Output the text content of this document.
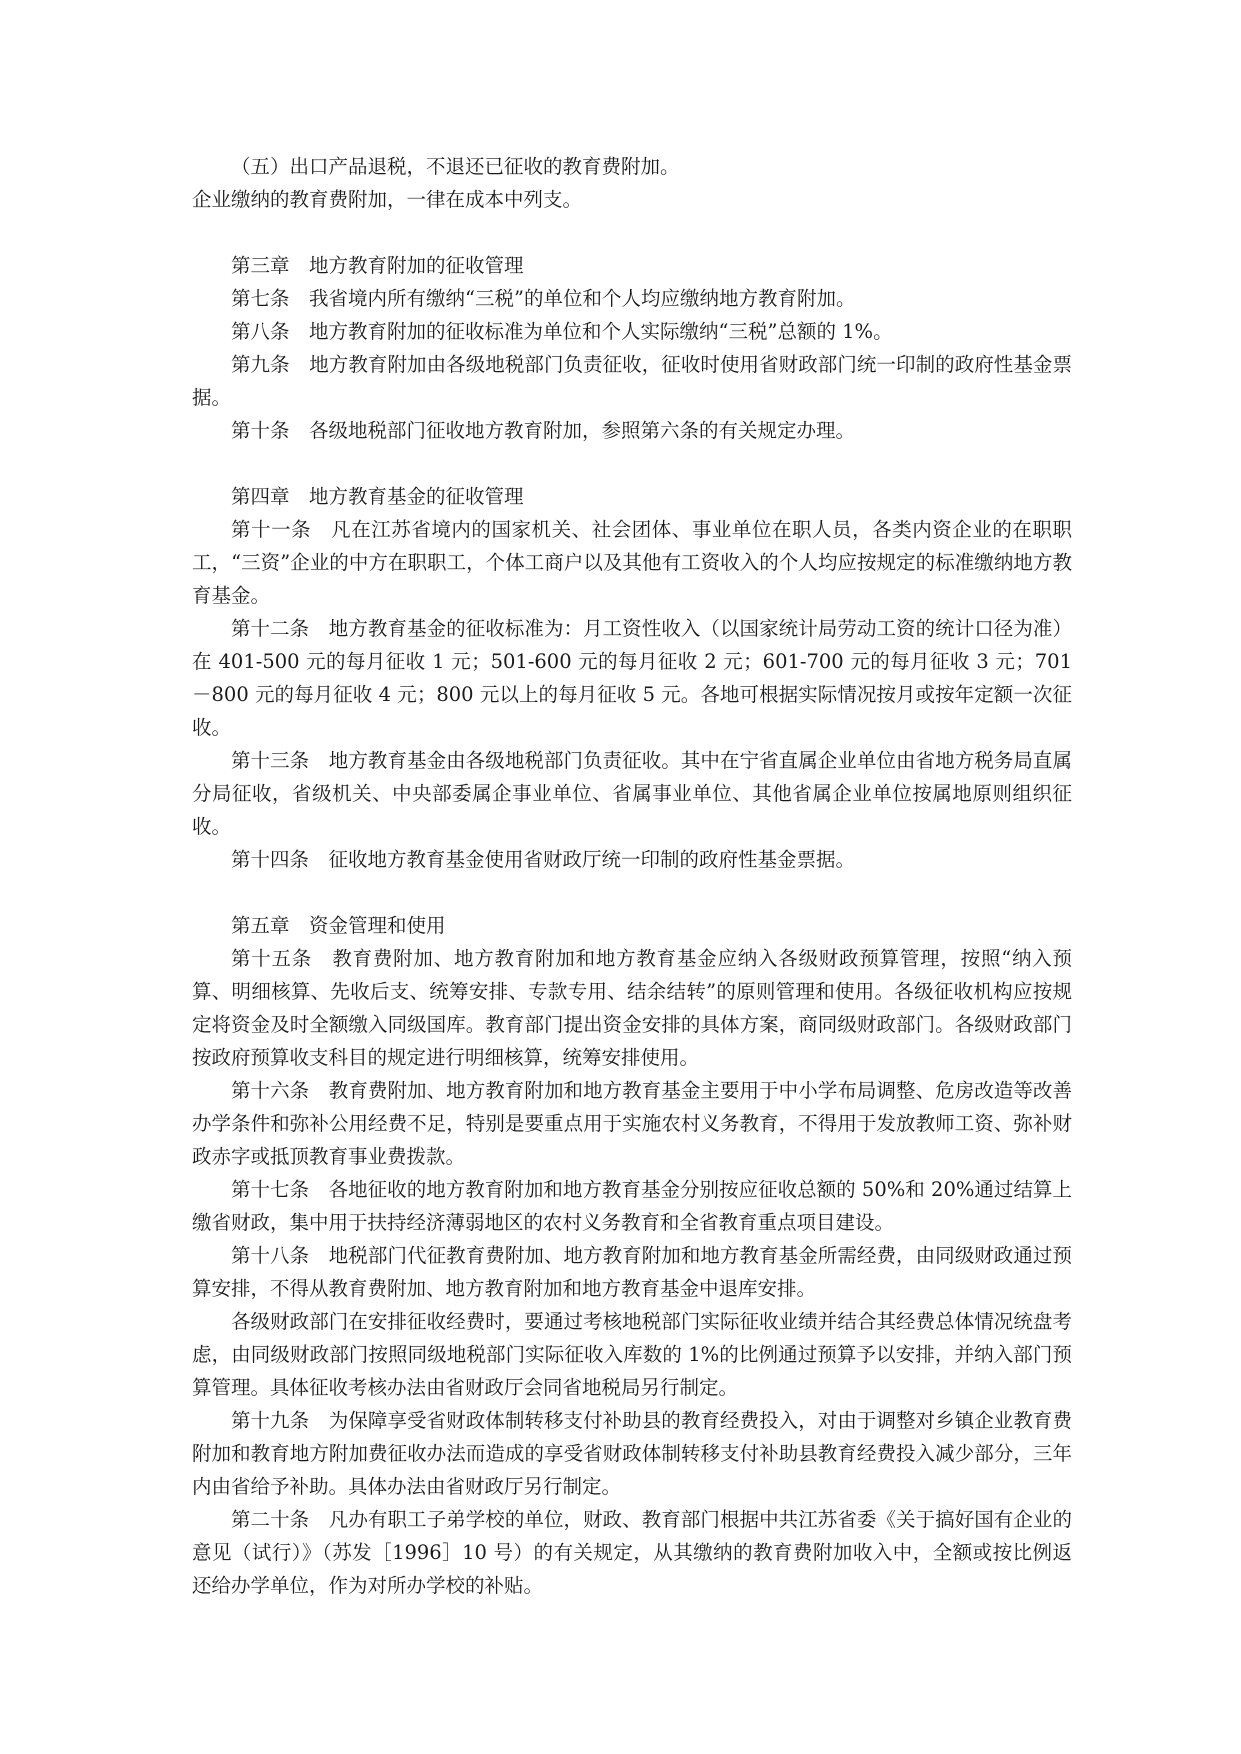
（五）出口产品退税，不退还已征收的教育费附加。

企业缴纳的教育费附加，一律在成本中列支。

第三章　地方教育附加的征收管理

第七条　我省境内所有缴纳“三税”的单位和个人均应缴纳地方教育附加。

第八条　地方教育附加的征收标准为单位和个人实际缴纳“三税”总额的 1%。

第九条　地方教育附加由各级地税部门负责征收，征收时使用省财政部门统一印制的政府性基金票据。

第十条　各级地税部门征收地方教育附加，参照第六条的有关规定办理。

第四章　地方教育基金的征收管理

第十一条　凡在江苏省境内的国家机关、社会团体、事业单位在职人员，各类内资企业的在职职工，“三资”企业的中方在职职工，个体工商户以及其他有工资收入的个人均应按规定的标准缴纳地方教育基金。

第十二条　地方教育基金的征收标准为：月工资性收入（以国家统计局劳动工资的统计口径为准）在 401-500 元的每月征收 1 元；501-600 元的每月征收 2 元；601-700 元的每月征收 3 元；701－800 元的每月征收 4 元；800 元以上的每月征收 5 元。各地可根据实际情况按月或按年定额一次征收。

第十三条　地方教育基金由各级地税部门负责征收。其中在宁省直属企业单位由省地方税务局直属分局征收，省级机关、中央部委属企事业单位、省属事业单位、其他省属企业单位按属地原则组织征收。

第十四条　征收地方教育基金使用省财政厅统一印制的政府性基金票据。

第五章　资金管理和使用

第十五条　教育费附加、地方教育附加和地方教育基金应纳入各级财政预算管理，按照“纳入预算、明细核算、先收后支、统筹安排、专款专用、结余结转”的原则管理和使用。各级征收机构应按规定将资金及时全额缴入同级国库。教育部门提出资金安排的具体方案，商同级财政部门。各级财政部门按政府预算收支科目的规定进行明细核算，统筹安排使用。

第十六条　教育费附加、地方教育附加和地方教育基金主要用于中小学布局调整、危房改造等改善办学条件和弥补公用经费不足，特别是要重点用于实施农村义务教育，不得用于发放教师工资、弥补财政赤字或抵顶教育事业费拨款。

第十七条　各地征收的地方教育附加和地方教育基金分别按应征收总额的 50%和 20%通过结算上缴省财政，集中用于扶持经济薄弱地区的农村义务教育和全省教育重点项目建设。

第十八条　地税部门代征教育费附加、地方教育附加和地方教育基金所需经费，由同级财政通过预算安排，不得从教育费附加、地方教育附加和地方教育基金中退库安排。

各级财政部门在安排征收经费时，要通过考核地税部门实际征收业绩并结合其经费总体情况统盘考虑，由同级财政部门按照同级地税部门实际征收入库数的 1%的比例通过预算予以安排，并纳入部门预算管理。具体征收考核办法由省财政厅会同省地税局另行制定。

第十九条　为保障享受省财政体制转移支付补助县的教育经费投入，对由于调整对乡镇企业教育费附加和教育地方附加费征收办法而造成的享受省财政体制转移支付补助县教育经费投入减少部分，三年内由省给予补助。具体办法由省财政厅另行制定。

第二十条　凡办有职工子弟学校的单位，财政、教育部门根据中共江苏省委《关于搞好国有企业的意见（试行）》（苏发［1996］10 号）的有关规定，从其缴纳的教育费附加收入中，全额或按比例返还给办学单位，作为对所办学校的补贴。
